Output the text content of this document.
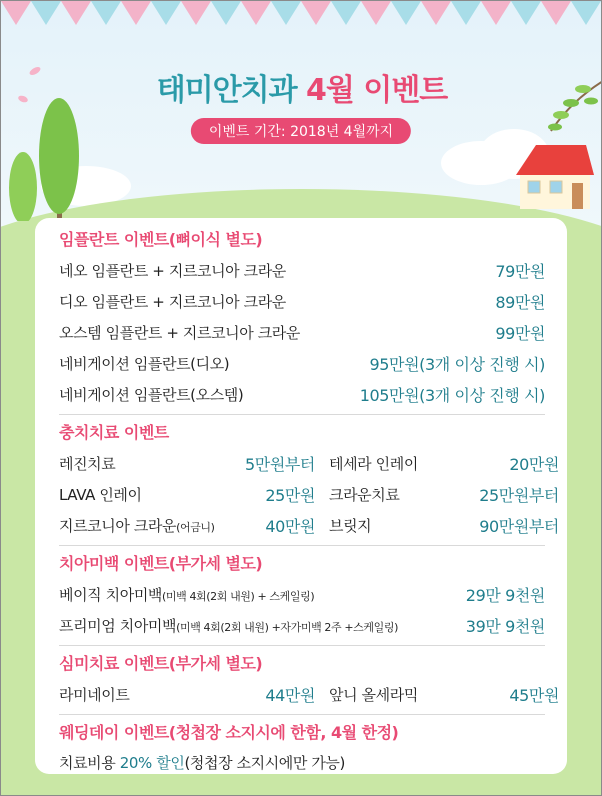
태미안치과 4월 이벤트
이벤트 기간: 2018년 4월까지
임플란트 이벤트(뼈이식 별도)
네오 임플란트 + 지르코니아 크라운	79만원
디오 임플란트 + 지르코니아 크라운	89만원
오스템 임플란트 + 지르코니아 크라운	99만원
네비게이션 임플란트(디오)	95만원(3개 이상 진행 시)
네비게이션 임플란트(오스템)	105만원(3개 이상 진행 시)
충치치료 이벤트
레진치료	5만원부터 테세라 인레이	20만원
LAVA 인레이	25만원 크라운치료	25만원부터
지르코니아 크라운(어금니)	40만원 브릿지	90만원부터
치아미백 이벤트(부가세 별도)
베이직 치아미백(미백 4회(2회 내원) + 스케일링)	29만 9천원
프리미엄 치아미백(미백 4회(2회 내원) +자가미백 2주 +스케일링)	39만 9천원
심미치료 이벤트(부가세 별도)
라미네이트	44만원 앞니 올세라믹	45만원
웨딩데이 이벤트(청첩장 소지시에 한함, 4월 한정)
치료비용 20% 할인(청첩장 소지시에만 가능)
